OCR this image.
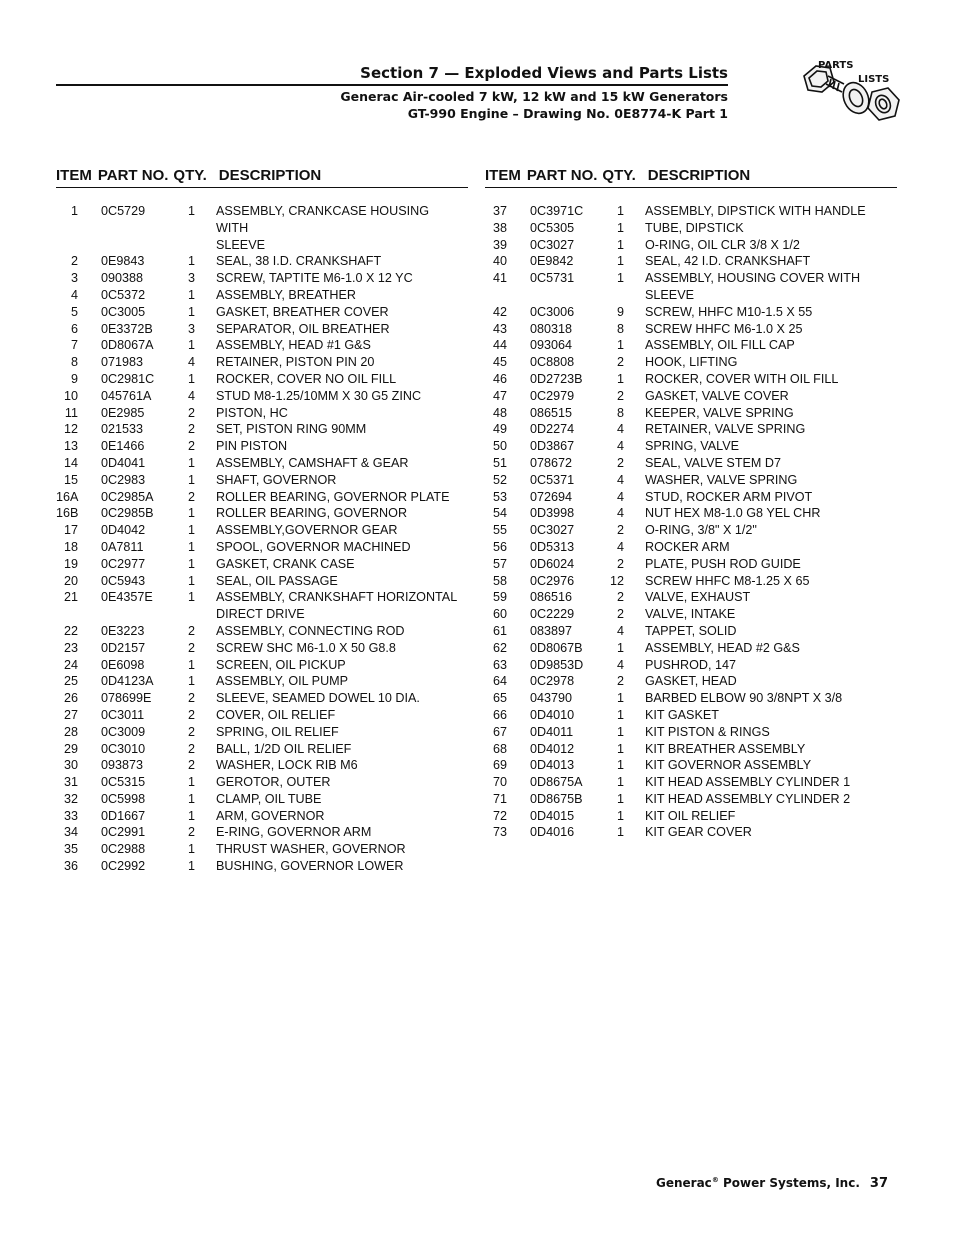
Section 7 — Exploded Views and Parts Lists
Generac Air-cooled 7 kW, 12 kW and 15 kW Generators
GT-990 Engine – Drawing No. 0E8774-K Part 1
PARTS
LISTS
ITEM PART NO. QTY. DESCRIPTION
1 0C5729	1 ASSEMBLY, CRANKCASE HOUSING WITH
SLEEVE
2 0E9843	1 SEAL, 38 I.D. CRANKSHAFT
3 090388	3 SCREW, TAPTITE M6-1.0 X 12 YC
4 0C5372	1 ASSEMBLY, BREATHER
5 0C3005	1 GASKET, BREATHER COVER
6 0E3372B	3 SEPARATOR, OIL BREATHER
7 0D8067A	1 ASSEMBLY, HEAD #1 G&S
8 071983	4 RETAINER, PISTON PIN 20
9 0C2981C	1 ROCKER, COVER NO OIL FILL
10 045761A	4 STUD M8-1.25/10MM X 30 G5 ZINC
11 0E2985	2 PISTON, HC
12 021533	2 SET, PISTON RING 90MM
13 0E1466	2 PIN PISTON
14 0D4041	1 ASSEMBLY, CAMSHAFT & GEAR
15 0C2983	1 SHAFT, GOVERNOR
16A 0C2985A	2 ROLLER BEARING, GOVERNOR PLATE
16B 0C2985B	1 ROLLER BEARING, GOVERNOR
17 0D4042	1 ASSEMBLY,GOVERNOR GEAR
18 0A7811	1 SPOOL, GOVERNOR MACHINED
19 0C2977	1 GASKET, CRANK CASE
20 0C5943	1 SEAL, OIL PASSAGE
21 0E4357E	1 ASSEMBLY, CRANKSHAFT HORIZONTAL
DIRECT DRIVE
22 0E3223	2 ASSEMBLY, CONNECTING ROD
23 0D2157	2 SCREW SHC M6-1.0 X 50 G8.8
24 0E6098	1 SCREEN, OIL PICKUP
25 0D4123A	1 ASSEMBLY, OIL PUMP
26 078699E	2 SLEEVE, SEAMED DOWEL 10 DIA.
27 0C3011	2 COVER, OIL RELIEF
28 0C3009	2 SPRING, OIL RELIEF
29 0C3010	2 BALL, 1/2D OIL RELIEF
30 093873	2 WASHER, LOCK RIB M6
31 0C5315	1 GEROTOR, OUTER
32 0C5998	1 CLAMP, OIL TUBE
33 0D1667	1 ARM, GOVERNOR
34 0C2991	2 E-RING, GOVERNOR ARM
35 0C2988	1 THRUST WASHER, GOVERNOR
36 0C2992	1 BUSHING, GOVERNOR LOWER
ITEM PART NO. QTY. DESCRIPTION
37 0C3971C	1 ASSEMBLY, DIPSTICK WITH HANDLE
38 0C5305	1 TUBE, DIPSTICK
39 0C3027	1 O-RING, OIL CLR 3/8 X 1/2
40 0E9842	1 SEAL, 42 I.D. CRANKSHAFT
41 0C5731	1 ASSEMBLY, HOUSING COVER WITH
SLEEVE
42 0C3006	9 SCREW, HHFC M10-1.5 X 55
43 080318	8 SCREW HHFC M6-1.0 X 25
44 093064	1 ASSEMBLY, OIL FILL CAP
45 0C8808	2 HOOK, LIFTING
46 0D2723B	1 ROCKER, COVER WITH OIL FILL
47 0C2979	2 GASKET, VALVE COVER
48 086515	8 KEEPER, VALVE SPRING
49 0D2274	4 RETAINER, VALVE SPRING
50 0D3867	4 SPRING, VALVE
51 078672	2 SEAL, VALVE STEM D7
52 0C5371	4 WASHER, VALVE SPRING
53 072694	4 STUD, ROCKER ARM PIVOT
54 0D3998	4 NUT HEX M8-1.0 G8 YEL CHR
55 0C3027	2 O-RING, 3/8" X 1/2"
56 0D5313	4 ROCKER ARM
57 0D6024	2 PLATE, PUSH ROD GUIDE
58 0C2976	12 SCREW HHFC M8-1.25 X 65
59 086516	2 VALVE, EXHAUST
60 0C2229	2 VALVE, INTAKE
61 083897	4 TAPPET, SOLID
62 0D8067B	1 ASSEMBLY, HEAD #2 G&S
63 0D9853D	4 PUSHROD, 147
64 0C2978	2 GASKET, HEAD
65 043790	1 BARBED ELBOW 90 3/8NPT X 3/8
66 0D4010	1 KIT GASKET
67 0D4011	1 KIT PISTON & RINGS
68 0D4012	1 KIT BREATHER ASSEMBLY
69 0D4013	1 KIT GOVERNOR ASSEMBLY
70 0D8675A	1 KIT HEAD ASSEMBLY CYLINDER 1
71 0D8675B	1 KIT HEAD ASSEMBLY CYLINDER 2
72 0D4015	1 KIT OIL RELIEF
73 0D4016	1 KIT GEAR COVER
Generac® Power Systems, Inc. 37
